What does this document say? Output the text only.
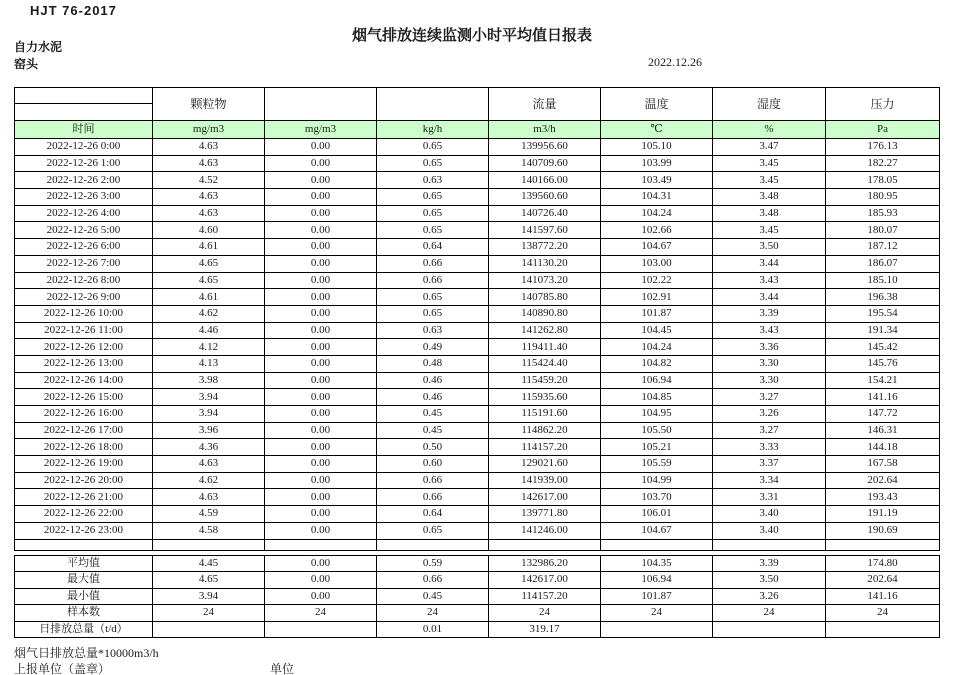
HJT 76-2017
烟气排放连续监测小时平均值日报表
自力水泥
窑头	2022.12.26
	颗粒物			流量	温度	湿度	压力

时间	mg/m3	mg/m3	kg/h	m3/h	℃	%	Pa
2022-12-26 0:00	4.63	0.00	0.65	139956.60	105.10	3.47	176.13
2022-12-26 1:00	4.63	0.00	0.65	140709.60	103.99	3.45	182.27
2022-12-26 2:00	4.52	0.00	0.63	140166.00	103.49	3.45	178.05
2022-12-26 3:00	4.63	0.00	0.65	139560.60	104.31	3.48	180.95
2022-12-26 4:00	4.63	0.00	0.65	140726.40	104.24	3.48	185.93
2022-12-26 5:00	4.60	0.00	0.65	141597.60	102.66	3.45	180.07
2022-12-26 6:00	4.61	0.00	0.64	138772.20	104.67	3.50	187.12
2022-12-26 7:00	4.65	0.00	0.66	141130.20	103.00	3.44	186.07
2022-12-26 8:00	4.65	0.00	0.66	141073.20	102.22	3.43	185.10
2022-12-26 9:00	4.61	0.00	0.65	140785.80	102.91	3.44	196.38
2022-12-26 10:00	4.62	0.00	0.65	140890.80	101.87	3.39	195.54
2022-12-26 11:00	4.46	0.00	0.63	141262.80	104.45	3.43	191.34
2022-12-26 12:00	4.12	0.00	0.49	119411.40	104.24	3.36	145.42
2022-12-26 13:00	4.13	0.00	0.48	115424.40	104.82	3.30	145.76
2022-12-26 14:00	3.98	0.00	0.46	115459.20	106.94	3.30	154.21
2022-12-26 15:00	3.94	0.00	0.46	115935.60	104.85	3.27	141.16
2022-12-26 16:00	3.94	0.00	0.45	115191.60	104.95	3.26	147.72
2022-12-26 17:00	3.96	0.00	0.45	114862.20	105.50	3.27	146.31
2022-12-26 18:00	4.36	0.00	0.50	114157.20	105.21	3.33	144.18
2022-12-26 19:00	4.63	0.00	0.60	129021.60	105.59	3.37	167.58
2022-12-26 20:00	4.62	0.00	0.66	141939.00	104.99	3.34	202.64
2022-12-26 21:00	4.63	0.00	0.66	142617.00	103.70	3.31	193.43
2022-12-26 22:00	4.59	0.00	0.64	139771.80	106.01	3.40	191.19
2022-12-26 23:00	4.58	0.00	0.65	141246.00	104.67	3.40	190.69

平均值	4.45	0.00	0.59	132986.20	104.35	3.39	174.80
最大值	4.65	0.00	0.66	142617.00	106.94	3.50	202.64
最小值	3.94	0.00	0.45	114157.20	101.87	3.26	141.16
样本数	24	24	24	24	24	24	24
日排放总量（t/d）			0.01	319.17			
烟气日排放总量*10000m3/h
上报单位（盖章）	单位
